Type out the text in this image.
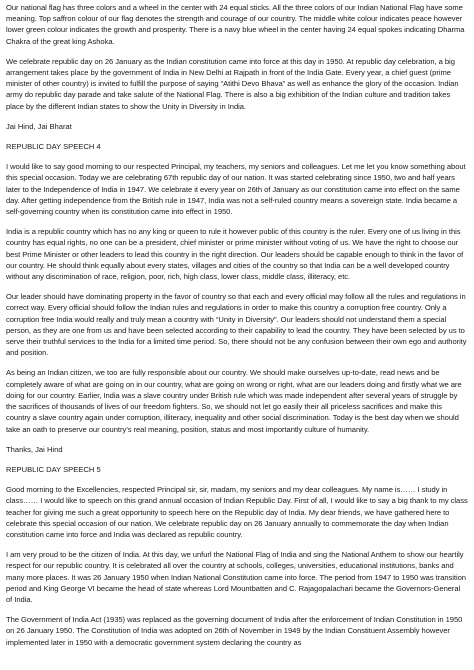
Our national flag has three colors and a wheel in the center with 24 equal sticks. All the three colors of our Indian National Flag have some meaning. Top saffron colour of our flag denotes the strength and courage of our country. The middle white colour indicates peace however lower green colour indicates the growth and prosperity. There is a navy blue wheel in the center having 24 equal spokes indicating Dharma Chakra of the great king Ashoka.

We celebrate republic day on 26 January as the Indian constitution came into force at this day in 1950. At republic day celebration, a big arrangement takes place by the government of India in New Delhi at Rajpath in front of the India Gate. Every year, a chief guest (prime minister of other country) is invited to fulfill the purpose of saying “Atithi Devo Bhava” as well as enhance the glory of the occasion. Indian army do republic day parade and take salute of the National Flag. There is also a big exhibition of the Indian culture and tradition takes place by the different Indian states to show the Unity in Diversity in India.

Jai Hind, Jai Bharat

REPUBLIC DAY SPEECH 4

I would like to say good morning to our respected Principal, my teachers, my seniors and colleagues. Let me let you know something about this special occasion. Today we are celebrating 67th republic day of our nation. It was started celebrating since 1950, two and half years later to the Independence of India in 1947. We celebrate it every year on 26th of January as our constitution came into effect on the same day. After getting independence from the British rule in 1947, India was not a self-ruled country means a sovereign state. India became a self-governing country when its constitution came into effect in 1950.

India is a republic country which has no any king or queen to rule it however public of this country is the ruler. Every one of us living in this country has equal rights, no one can be a president, chief minister or prime minister without voting of us. We have the right to choose our best Prime Minister or other leaders to lead this country in the right direction. Our leaders should be capable enough to think in the favor of our country. He should think equally about every states, villages and cities of the country so that India can be a well developed country without any discrimination of race, religion, poor, rich, high class, lower class, middle class, illiteracy, etc.

Our leader should have dominating property in the favor of country so that each and every official may follow all the rules and regulations in correct way. Every official should follow the Indian rules and regulations in order to make this country a corruption free country. Only a corruption free India would really and truly mean a country with “Unity in Diversity”. Our leaders should not understand them a special person, as they are one from us and have been selected according to their capability to lead the country. They have been selected by us to serve their truthful services to the India for a limited time period. So, there should not be any confusion between their own ego and authority and position.

As being an Indian citizen, we too are fully responsible about our country. We should make ourselves up-to-date, read news and be completely aware of what are going on in our country, what are going on wrong or right, what are our leaders doing and firstly what we are doing for our country. Earlier, India was a slave country under British rule which was made independent after several years of struggle by the sacrifices of thousands of lives of our freedom fighters. So, we should not let go easily their all priceless sacrifices and make this country a slave country again under corruption, illiteracy, inequality and other social discrimination. Today is the best day when we should take an oath to preserve our country’s real meaning, position, status and most importantly culture of humanity.

Thanks, Jai Hind

REPUBLIC DAY SPEECH 5

Good morning to the Excellencies, respected Principal sir, sir, madam, my seniors and my dear colleagues. My name is…… I study in class…… I would like to speech on this grand annual occasion of Indian Republic Day. First of all, I would like to say a big thank to my class teacher for giving me such a great opportunity to speech here on the Republic day of India. My dear friends, we have gathered here to celebrate this special occasion of our nation. We celebrate republic day on 26 January annually to commemorate the day when Indian constitution came into force and India was declared as republic country.

I am very proud to be the citizen of India. At this day, we unfurl the National Flag of India and sing the National Anthem to show our heartily respect for our republic country. It is celebrated all over the country at schools, colleges, universities, educational institutions, banks and many more places. It was 26 January 1950 when Indian National Constitution came into force. The period from 1947 to 1950 was transition period and King George VI became the head of state whereas Lord Mountbatten and C. Rajagopalachari became the Governors-General of India.

The Government of India Act (1935) was replaced as the governing document of India after the enforcement of Indian Constitution in 1950 on 26 January 1950. The Constitution of India was adopted on 26th of November in 1949 by the Indian Constituent Assembly however implemented later in 1950 with a democratic government system declaring the country as
